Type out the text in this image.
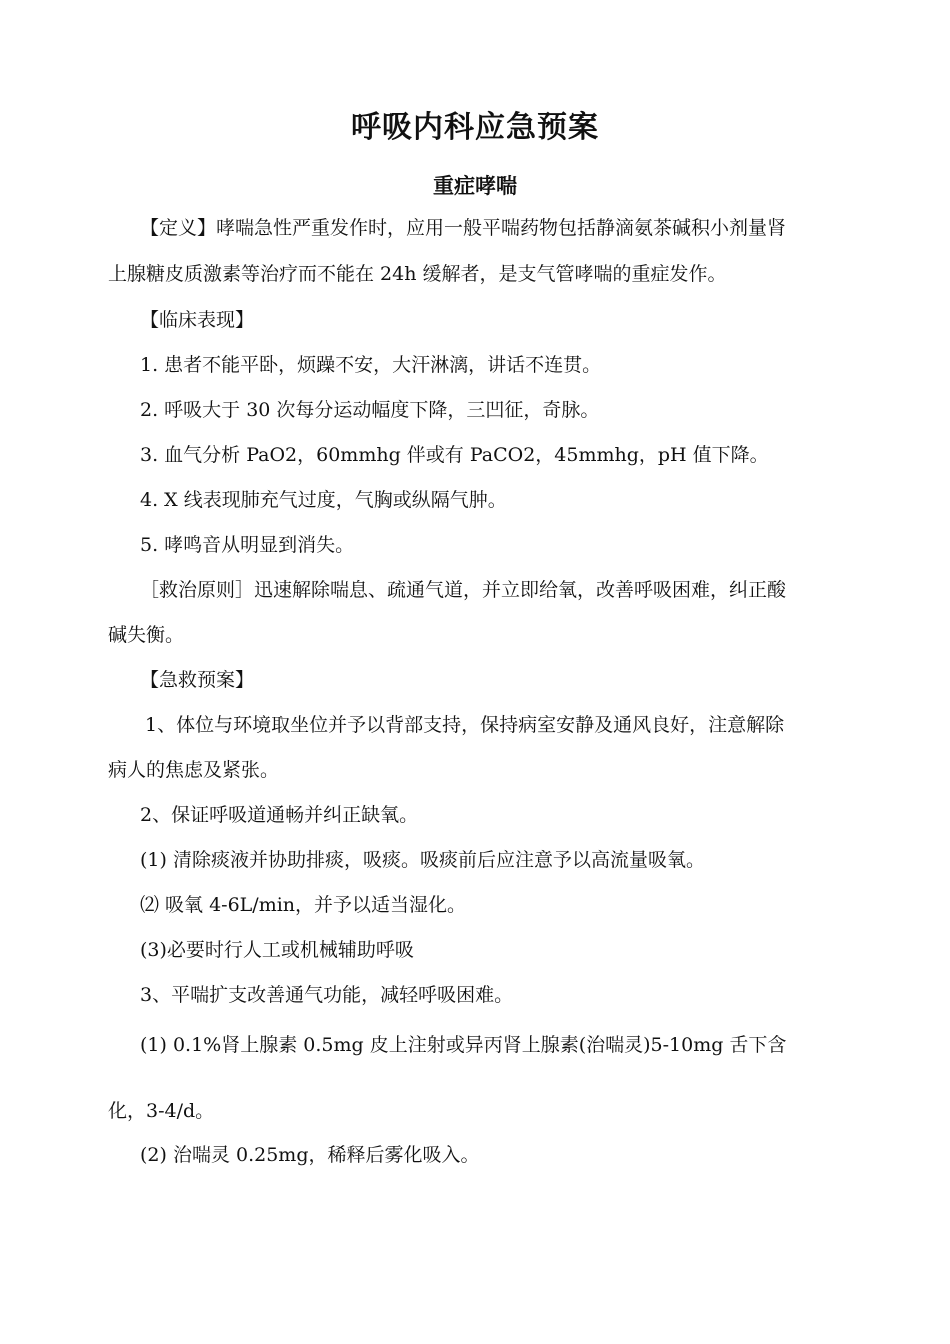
呼吸内科应急预案
重症哮喘

【定义】哮喘急性严重发作时，应用一般平喘药物包括静滴氨茶碱积小剂量肾

上腺糖皮质激素等治疗而不能在 24h 缓解者，是支气管哮喘的重症发作。

【临床表现】

1. 患者不能平卧，烦躁不安，大汗淋漓，讲话不连贯。

2. 呼吸大于 30 次每分运动幅度下降，三凹征，奇脉。

3. 血气分析 PaO2，60mmhg 伴或有 PaCO2，45mmhg，pH 值下降。

4. X 线表现肺充气过度，气胸或纵隔气肿。

5. 哮鸣音从明显到消失。

［救治原则］迅速解除喘息、疏通气道，并立即给氧，改善呼吸困难，纠正酸

碱失衡。

【急救预案】

1、体位与环境取坐位并予以背部支持，保持病室安静及通风良好，注意解除

病人的焦虑及紧张。

2、保证呼吸道通畅并纠正缺氧。

(1) 清除痰液并协助排痰，吸痰。吸痰前后应注意予以高流量吸氧。

⑵ 吸氧 4-6L/min，并予以适当湿化。

(3)必要时行人工或机械辅助呼吸

3、平喘扩支改善通气功能，减轻呼吸困难。

(1) 0.1%肾上腺素 0.5mg 皮上注射或异丙肾上腺素(治喘灵)5-10mg 舌下含

化，3-4/d。

(2) 治喘灵 0.25mg，稀释后雾化吸入。
